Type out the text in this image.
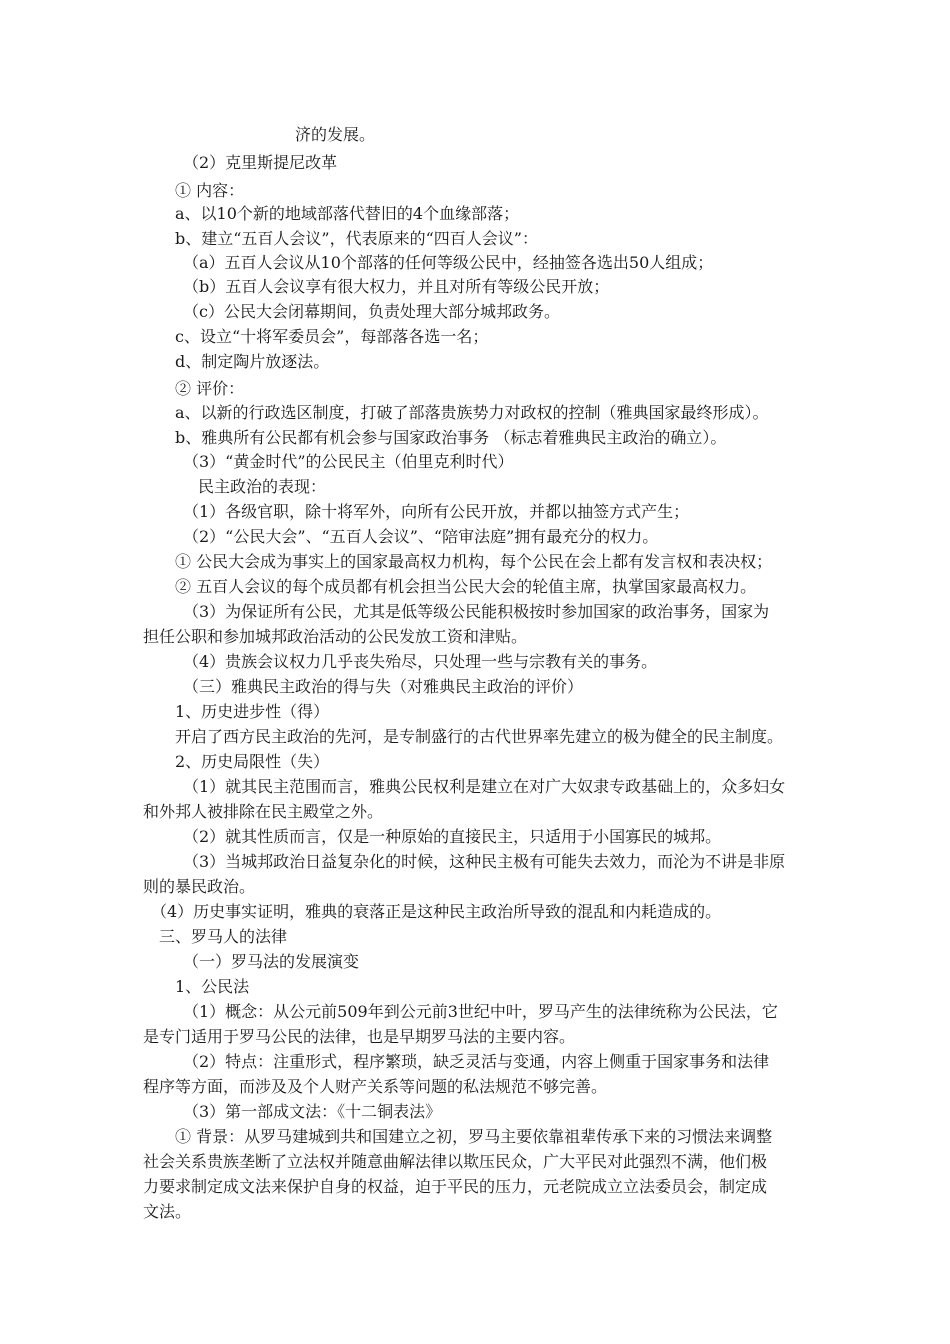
济的发展。
（2）克里斯提尼改革
① 内容：
a、以10个新的地域部落代替旧的4个血缘部落；
b、建立“五百人会议”，代表原来的“四百人会议”：
（a）五百人会议从10个部落的任何等级公民中，经抽签各选出50人组成；
（b）五百人会议享有很大权力，并且对所有等级公民开放；
（c）公民大会闭幕期间，负责处理大部分城邦政务。
c、设立“十将军委员会”，每部落各选一名；
d、制定陶片放逐法。
② 评价：
a、以新的行政选区制度，打破了部落贵族势力对政权的控制（雅典国家最终形成）。
b、雅典所有公民都有机会参与国家政治事务 （标志着雅典民主政治的确立）。
（3）“黄金时代”的公民民主（伯里克利时代）
民主政治的表现：
（1）各级官职，除十将军外，向所有公民开放，并都以抽签方式产生；
（2）“公民大会”、“五百人会议”、“陪审法庭”拥有最充分的权力。
① 公民大会成为事实上的国家最高权力机构，每个公民在会上都有发言权和表决权；
② 五百人会议的每个成员都有机会担当公民大会的轮值主席，执掌国家最高权力。
（3）为保证所有公民，尤其是低等级公民能积极按时参加国家的政治事务，国家为
担任公职和参加城邦政治活动的公民发放工资和津贴。
（4）贵族会议权力几乎丧失殆尽，只处理一些与宗教有关的事务。
（三）雅典民主政治的得与失（对雅典民主政治的评价）
1、历史进步性（得）
开启了西方民主政治的先河，是专制盛行的古代世界率先建立的极为健全的民主制度。
2、历史局限性（失）
（1）就其民主范围而言，雅典公民权利是建立在对广大奴隶专政基础上的，众多妇女
和外邦人被排除在民主殿堂之外。
（2）就其性质而言，仅是一种原始的直接民主，只适用于小国寡民的城邦。
（3）当城邦政治日益复杂化的时候，这种民主极有可能失去效力，而沦为不讲是非原
则的暴民政治。
（4）历史事实证明，雅典的衰落正是这种民主政治所导致的混乱和内耗造成的。
三、罗马人的法律
（一）罗马法的发展演变
1、公民法
（1）概念：从公元前509年到公元前3世纪中叶，罗马产生的法律统称为公民法，它
是专门适用于罗马公民的法律，也是早期罗马法的主要内容。
（2）特点：注重形式，程序繁琐，缺乏灵活与变通，内容上侧重于国家事务和法律
程序等方面，而涉及及个人财产关系等问题的私法规范不够完善。
（3）第一部成文法：《十二铜表法》
① 背景：从罗马建城到共和国建立之初，罗马主要依靠祖辈传承下来的习惯法来调整
社会关系贵族垄断了立法权并随意曲解法律以欺压民众，广大平民对此强烈不满，他们极
力要求制定成文法来保护自身的权益，迫于平民的压力，元老院成立立法委员会，制定成
文法。
